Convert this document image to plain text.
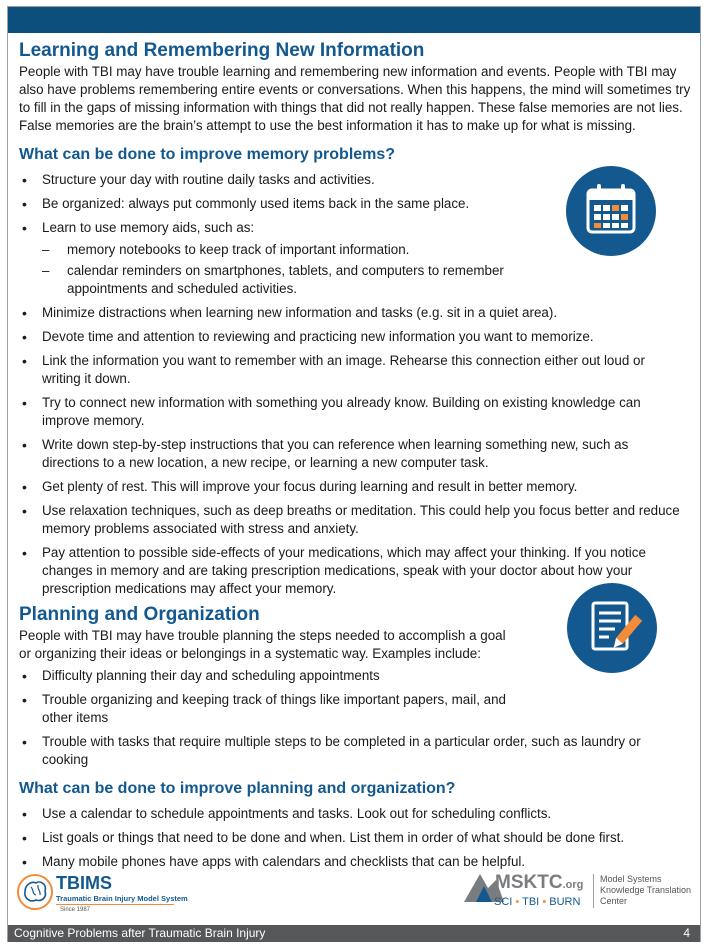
Learning and Remembering New Information

People with TBI may have trouble learning and remembering new information and events. People with TBI may also have problems remembering entire events or conversations. When this happens, the mind will sometimes try to fill in the gaps of missing information with things that did not really happen. These false memories are not lies. False memories are the brain’s attempt to use the best information it has to make up for what is missing.

What can be done to improve memory problems?
• Structure your day with routine daily tasks and activities.
• Be organized: always put commonly used items back in the same place.
• Learn to use memory aids, such as:
– memory notebooks to keep track of important information.
– calendar reminders on smartphones, tablets, and computers to remember appointments and scheduled activities.
• Minimize distractions when learning new information and tasks (e.g. sit in a quiet area).
• Devote time and attention to reviewing and practicing new information you want to memorize.
• Link the information you want to remember with an image. Rehearse this connection either out loud or writing it down.
• Try to connect new information with something you already know. Building on existing knowledge can improve memory.
• Write down step-by-step instructions that you can reference when learning something new, such as directions to a new location, a new recipe, or learning a new computer task.
• Get plenty of rest. This will improve your focus during learning and result in better memory.
• Use relaxation techniques, such as deep breaths or meditation. This could help you focus better and reduce memory problems associated with stress and anxiety.
• Pay attention to possible side-effects of your medications, which may affect your thinking. If you notice changes in memory and are taking prescription medications, speak with your doctor about how your prescription medications may affect your memory.
Planning and Organization

People with TBI may have trouble planning the steps needed to accomplish a goal or organizing their ideas or belongings in a systematic way. Examples include:

• Difficulty planning their day and scheduling appointments
• Trouble organizing and keeping track of things like important papers, mail, and other items
• Trouble with tasks that require multiple steps to be completed in a particular order, such as laundry or cooking
What can be done to improve planning and organization?
• Use a calendar to schedule appointments and tasks. Look out for scheduling conflicts.
• List goals or things that need to be done and when. List them in order of what should be done first.
• Many mobile phones have apps with calendars and checklists that can be helpful.
TBIMS
Traumatic Brain Injury Model System
Since 1987
MSKTC.org
SCI • TBI • BURN
Model Systems
Knowledge Translation
Center
Cognitive Problems after Traumatic Brain Injury	4
